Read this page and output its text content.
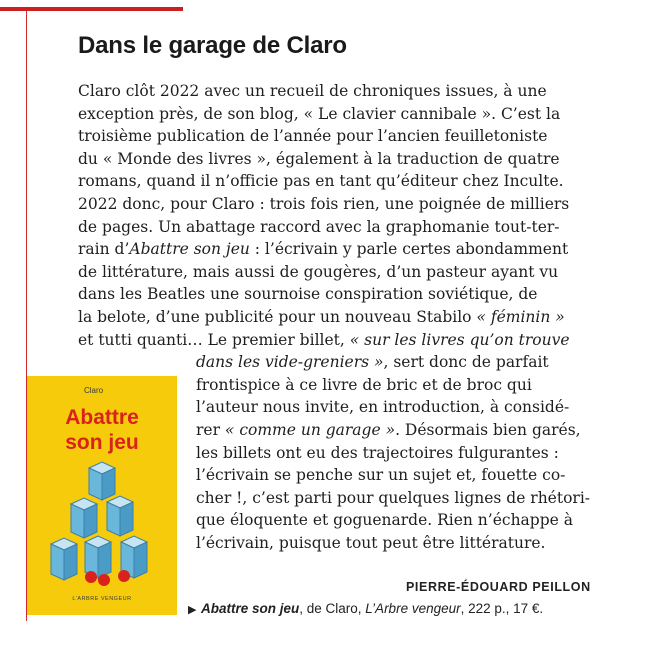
Dans le garage de Claro
Claro clôt 2022 avec un recueil de chroniques issues, à une
exception près, de son blog, « Le clavier cannibale ». C’est la
troisième publication de l’année pour l’ancien feuilletoniste
du « Monde des livres », également à la traduction de quatre
romans, quand il n’officie pas en tant qu’éditeur chez Inculte.
2022 donc, pour Claro : trois fois rien, une poignée de milliers
de pages. Un abattage raccord avec la graphomanie tout-ter-
rain d’Abattre son jeu : l’écrivain y parle certes abondamment
de littérature, mais aussi de gougères, d’un pasteur ayant vu
dans les Beatles une sournoise conspiration soviétique, de
la belote, d’une publicité pour un nouveau Stabilo « féminin »
et tutti quanti… Le premier billet, « sur les livres qu’on trouve
dans les vide-greniers », sert donc de parfait
frontispice à ce livre de bric et de broc qui
l’auteur nous invite, en introduction, à considé-
rer « comme un garage ». Désormais bien garés,
les billets ont eu des trajectoires fulgurantes :
l’écrivain se penche sur un sujet et, fouette co-
cher !, c’est parti pour quelques lignes de rhétori-
que éloquente et goguenarde. Rien n’échappe à
l’écrivain, puisque tout peut être littérature.
Claro
Abattre
son jeu
L’ARBRE VENGEUR
PIERRE-ÉDOUARD PEILLON
▶ Abattre son jeu, de Claro, L’Arbre vengeur, 222 p., 17 €.
